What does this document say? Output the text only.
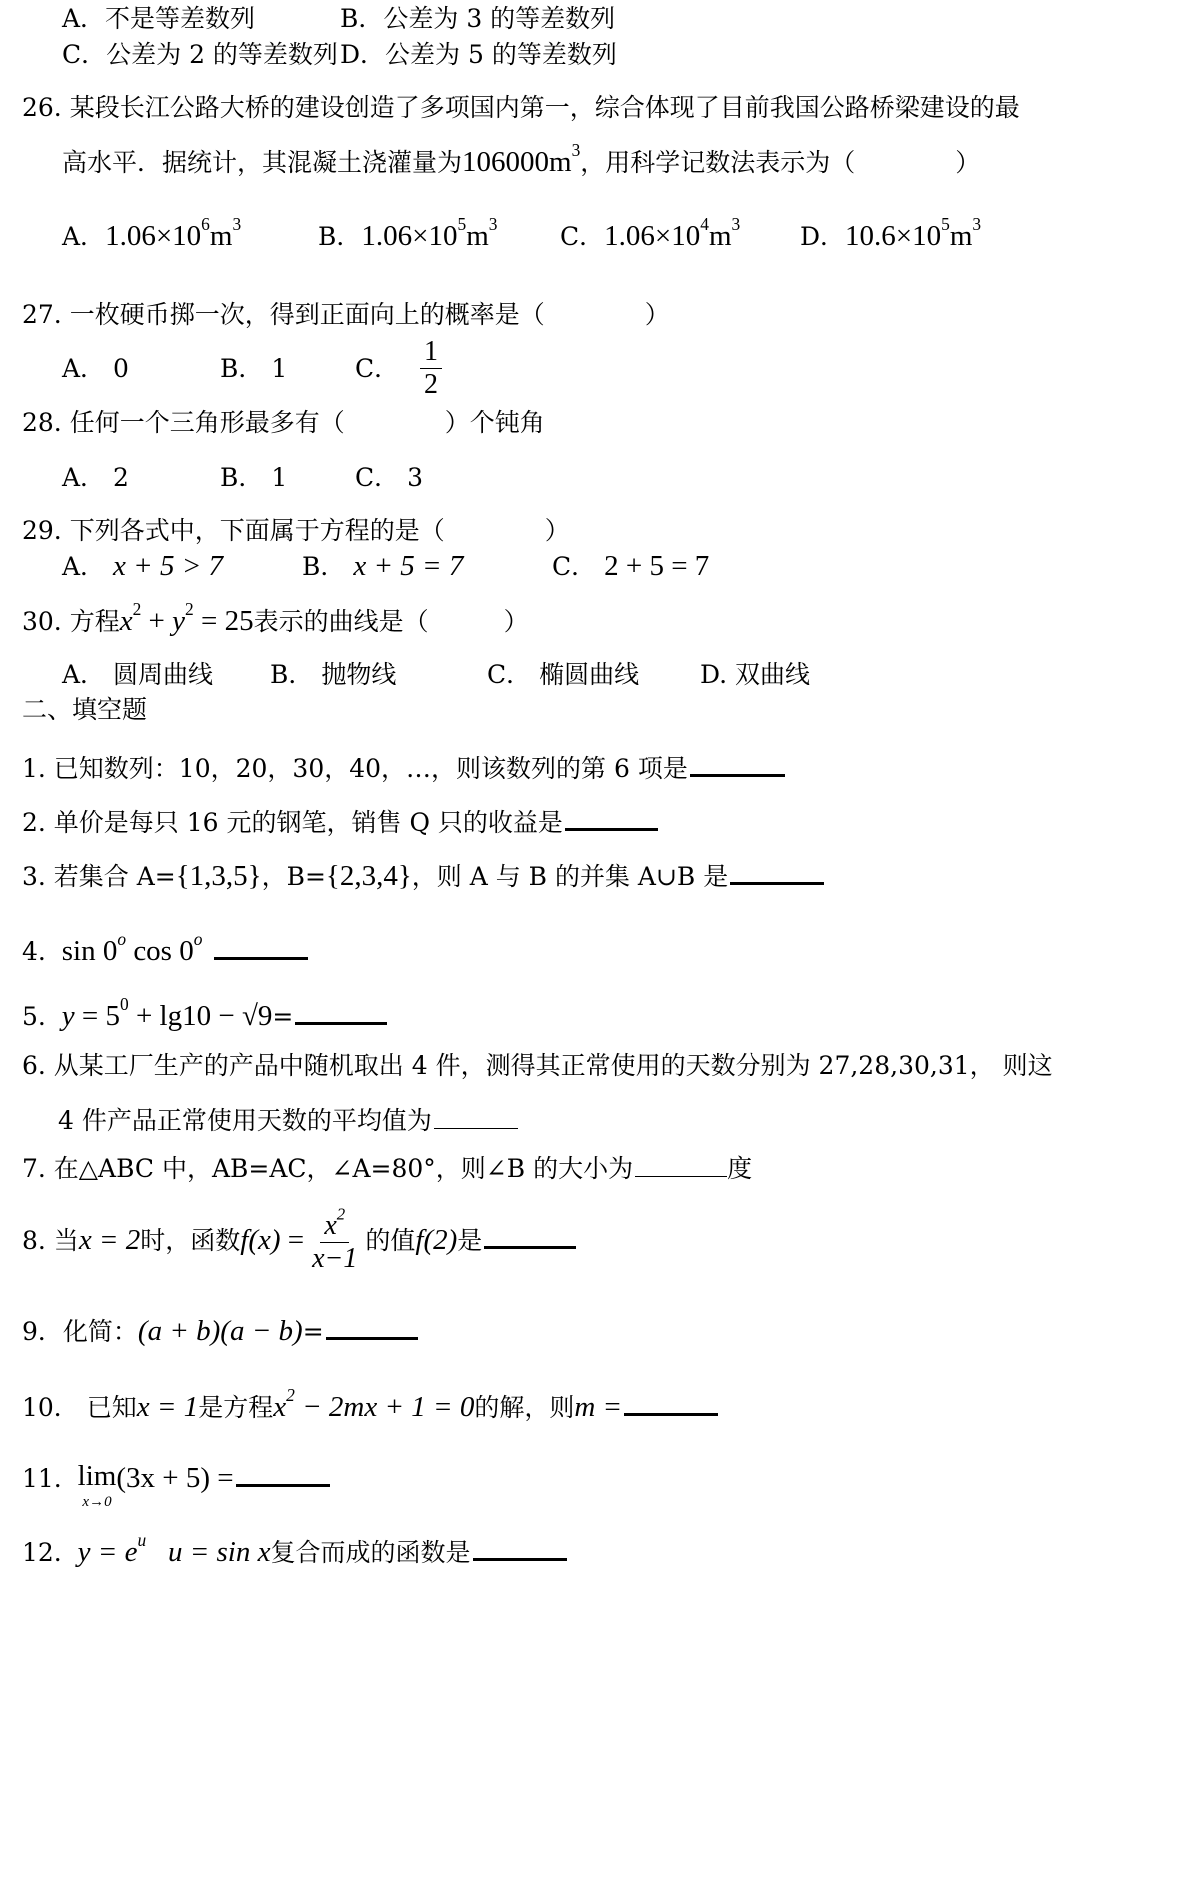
A．不是等差数列	B．公差为 3 的等差数列
C．公差为 2 的等差数列 D．公差为 5 的等差数列
26. 某段长江公路大桥的建设创造了多项国内第一，综合体现了目前我国公路桥梁建设的最
高水平．据统计，其混凝土浇灌量为$106000m^3$，用科学记数法表示为（　　　　）
A．$1.06\times 10^6m^3$	B．$1.06\times 10^5m^3$	C．$1.06\times 10^4m^3$ D．$10.6\times 10^5m^3$
27. 一枚硬币掷一次，得到正面向上的概率是（　　　　）
A． 0	B． 1	C． $\frac{1}{2}$
28. 任何一个三角形最多有（　　　　）个钝角
A． 2	B． 1	C． 3
29. 下列各式中，下面属于方程的是（　　　　）
A． x + 5 > 7	B． x + 5 = 7	C． 2 + 5 = 7
30. 方程$x^2 + y^2 = 25$表示的曲线是（　　　）
A． 圆周曲线 B． 抛物线	C． 椭圆曲线 D. 双曲线
二、填空题
1. 已知数列：10，20，30，40，…，则该数列的第 6 项是
2. 单价是每只 16 元的钢笔，销售 Q 只的收益是
3. 若集合 A={1,3,5}，B={2,3,4}，则 A 与 B 的并集 A∪B 是
4. sin 0$^o$ cos 0$^o$
5. $y = 5^0 + \lg 10 - √9=$
6. 从某工厂生产的产品中随机取出 4 件，测得其正常使用的天数分别为 27,28,30,31， 则这
4 件产品正常使用天数的平均值为
7. 在△ABC 中，AB=AC，∠A=80°，则∠B 的大小为	度
8. 当x = 2时，函数$f(x) = \frac{x^2}{x-1}$ 的值f(2)是
9．化简：(a + b)(a − b)=
10． 已知x = 1是方程$x^2 - 2mx + 1 = 0$的解，则m =
11. lim
x→0
(3x + 5) =
12. $y = e^u$ u = sin x复合而成的函数是
